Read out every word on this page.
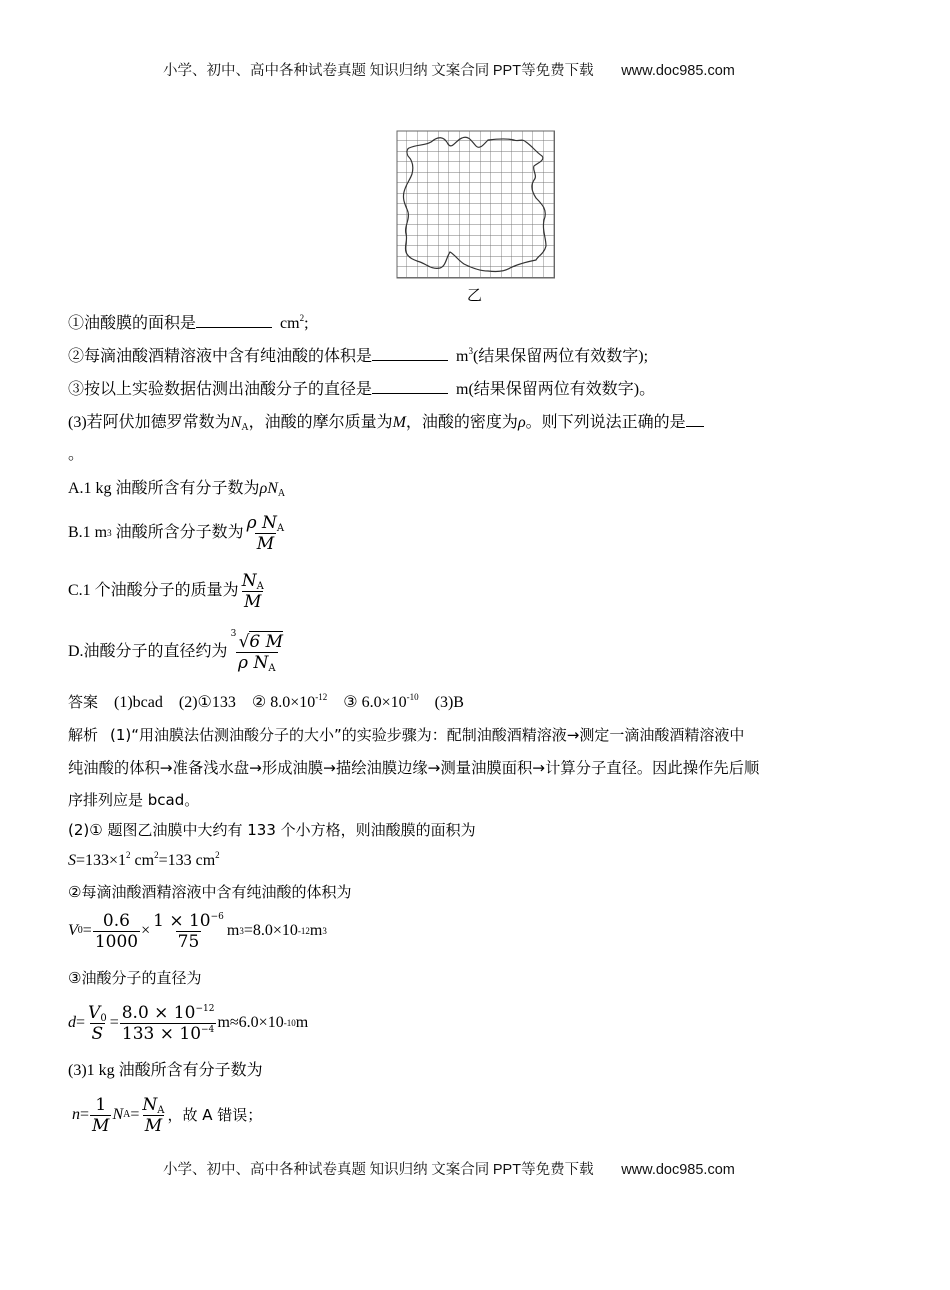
小学、初中、高中各种试卷真题 知识归纳 文案合同 PPT等免费下载 www.doc985.com
乙
①油酸膜的面积是	$cm^2$;
②每滴油酸酒精溶液中含有纯油酸的体积是	$m^3$(结果保留两位有效数字);
③按以上实验数据估测出油酸分子的直径是	m(结果保留两位有效数字)。
(3)若阿伏加德罗常数为$N_A$，油酸的摩尔质量为M，油酸的密度为ρ。则下列说法正确的是
。
A.1 kg 油酸所含有分子数为$\rho N_A$
B.1 m 3
油酸所含分子数为 $\frac{\rho N_A}{M}$
C.1 个油酸分子的质量为 $\frac{N_A}{M}$
D.油酸分子的直径约为 $\frac{3 √6 M}{\rho N_A}$
答案 (1)bcad (2)①133 ② $8.0\times 10^{-12}$ ③ $6.0\times 10^{-10}$ (3)B
解析 (1)“用油膜法估测油酸分子的大小”的实验步骤为：配制油酸酒精溶液→测定一滴油酸酒精溶液中
纯油酸的体积→准备浅水盘→形成油膜→描绘油膜边缘→测量油膜面积→计算分子直径。因此操作先后顺
序排列应是 bcad。
(2)① 题图乙油膜中大约有 133 个小方格，则油酸膜的面积为
$S=133\times 1^2$ $cm^2=133$ $cm^2$
②每滴油酸酒精溶液中含有纯油酸的体积为
V $0 = \frac{0.6}{1000} \times \frac{1 \times 10^{-6}}{75}$ m 3 =8.0×10 -12 m 3
③油酸分子的直径为
$d = \frac{V_0}{S} = \frac{8.0 \times 10^{-12}}{133 \times 10^{-4}} m\approx 6.0\times 10$ -10 m
(3)1 kg 油酸所含有分子数为
$n = \frac{1}{M}$ N $A = \frac{N_A}{M}$ ，故 A 错误；
小学、初中、高中各种试卷真题 知识归纳 文案合同 PPT等免费下载 www.doc985.com
